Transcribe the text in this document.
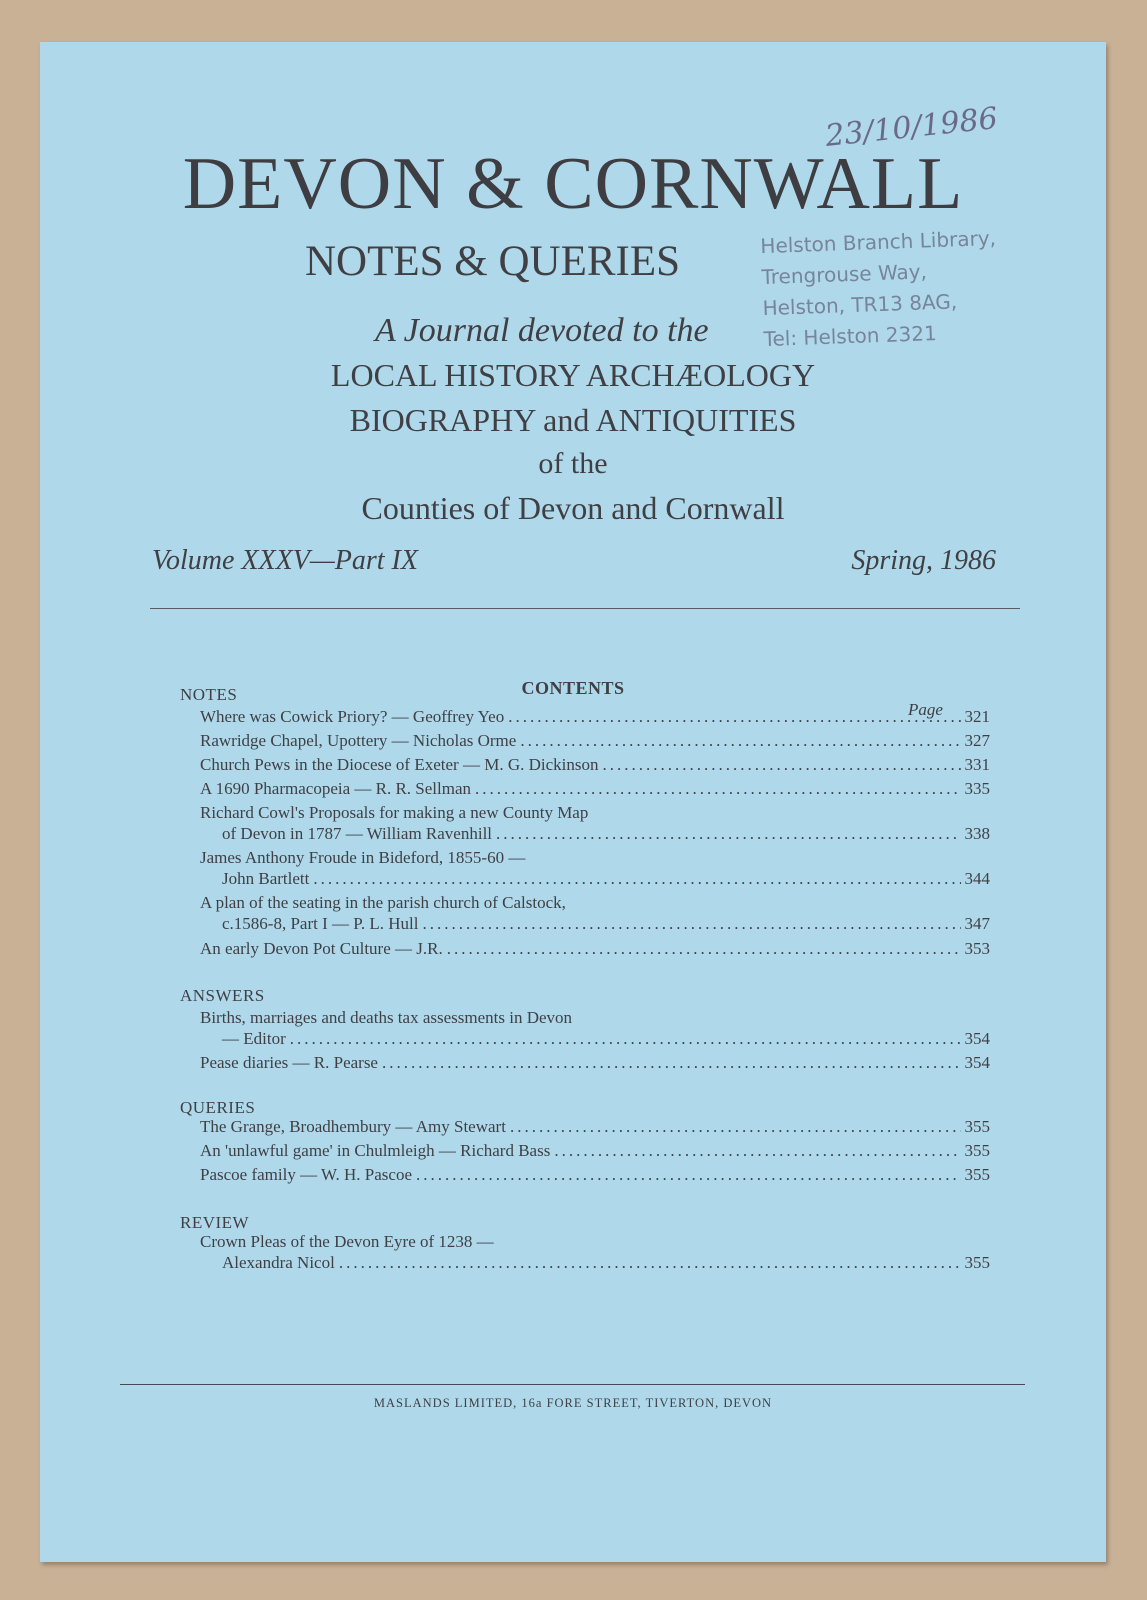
23/10/1986
DEVON & CORNWALL
NOTES & QUERIES	Helston Branch Library,
Trengrouse Way,
Helston, TR13 8AG,
Tel: Helston 2321
A Journal devoted to the
LOCAL HISTORY ARCHÆOLOGY
BIOGRAPHY and ANTIQUITIES
of the
Counties of Devon and Cornwall
Volume XXXV—Part IX	Spring, 1986
CONTENTS
Page
NOTES
Where was Cowick Priory? — Geoffrey Yeo .....	321
Rawridge Chapel, Upottery — Nicholas Orme .....	327
Church Pews in the Diocese of Exeter — M. G. Dickinson .....	331
A 1690 Pharmacopeia — R. R. Sellman .....	335
Richard Cowl's Proposals for making a new County Map
of Devon in 1787 — William Ravenhill .....	338
James Anthony Froude in Bideford, 1855-60 —
John Bartlett .....	344
A plan of the seating in the parish church of Calstock,
c.1586-8, Part I — P. L. Hull .....	347
An early Devon Pot Culture — J.R. .....	353
ANSWERS
Births, marriages and deaths tax assessments in Devon
— Editor .....	354
Pease diaries — R. Pearse .....	354
QUERIES
The Grange, Broadhembury — Amy Stewart .....	355
An 'unlawful game' in Chulmleigh — Richard Bass .....	355
Pascoe family — W. H. Pascoe .....	355
REVIEW
Crown Pleas of the Devon Eyre of 1238 —
Alexandra Nicol .....	355
MASLANDS LIMITED, 16a FORE STREET, TIVERTON, DEVON
